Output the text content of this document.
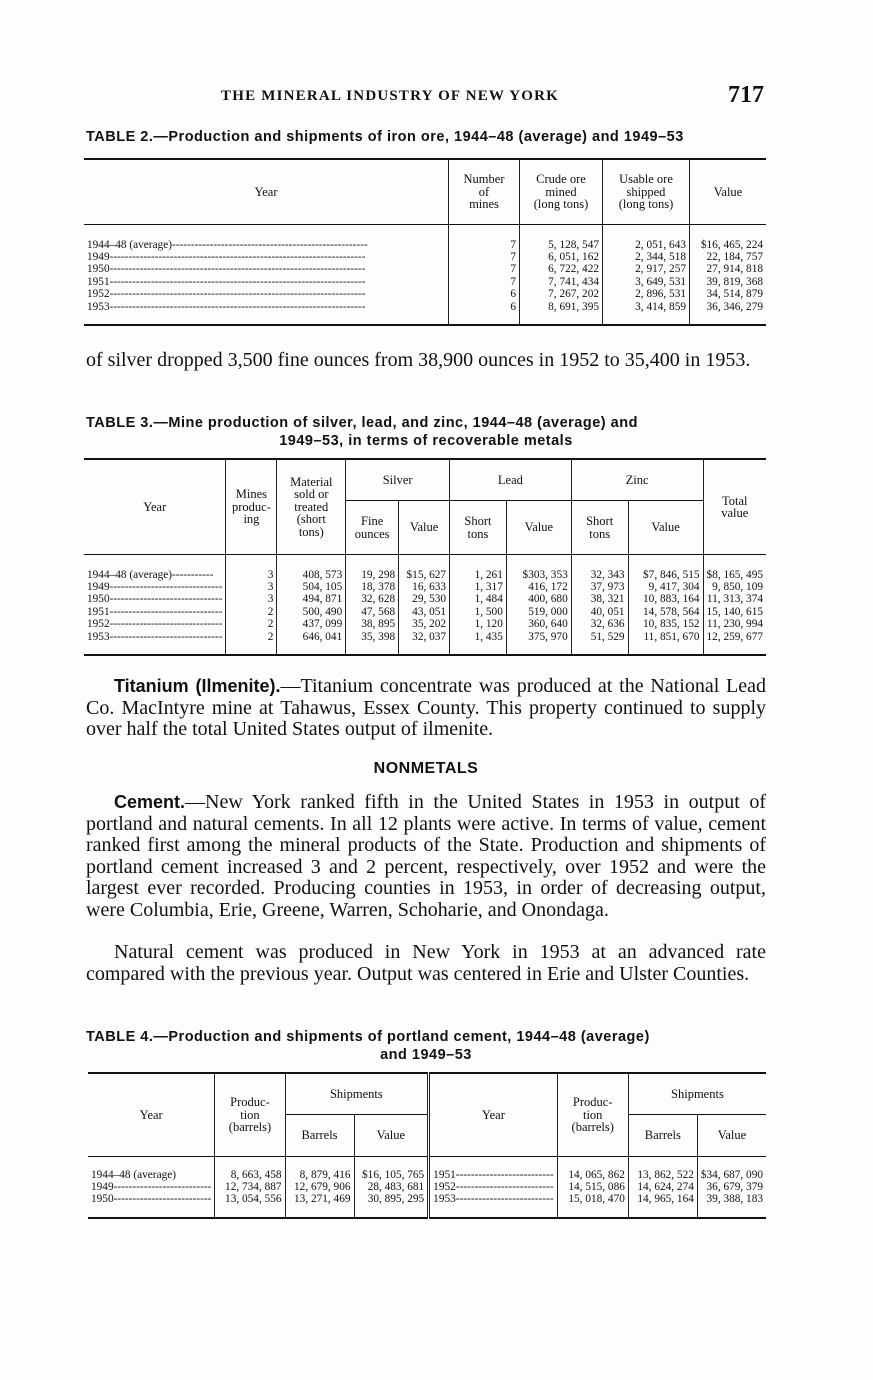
THE MINERAL INDUSTRY OF NEW YORK	717
TABLE 2.—Production and shipments of iron ore, 1944–48 (average) and 1949–53
Year	Number
of
mines	Crude ore
mined
(long tons)	Usable ore
shipped
(long tons)	Value

1944–48 (average)----------------------------------------------------	7	5, 128, 547	2, 051, 643	$16, 465, 224

1949--------------------------------------------------------------------	7	6, 051, 162	2, 344, 518	22, 184, 757

1950--------------------------------------------------------------------	7	6, 722, 422	2, 917, 257	27, 914, 818

1951--------------------------------------------------------------------	7	7, 741, 434	3, 649, 531	39, 819, 368

1952--------------------------------------------------------------------	6	7, 267, 202	2, 896, 531	34, 514, 879

1953--------------------------------------------------------------------	6	8, 691, 395	3, 414, 859	36, 346, 279

of silver dropped 3,500 fine ounces from 38,900 ounces in 1952 to 35,400 in 1953.
TABLE 3.—Mine production of silver, lead, and zinc, 1944–48 (average) and
1949–53, in terms of recoverable metals
Year	Mines
produc-
ing	Material
sold or
treated
(short
tons)	Silver		Lead		Zinc		Total
value
			Fine
ounces	Value	Short
tons	Value	Short
tons	Value	

1944–48 (average)-----------	3	408, 573	19, 298	$15, 627	1, 261	$303, 353	32, 343	$7, 846, 515	$8, 165, 495

1949------------------------------	3	504, 105	18, 378	16, 633	1, 317	416, 172	37, 973	9, 417, 304	9, 850, 109

1950------------------------------	3	494, 871	32, 628	29, 530	1, 484	400, 680	38, 321	10, 883, 164	11, 313, 374

1951------------------------------	2	500, 490	47, 568	43, 051	1, 500	519, 000	40, 051	14, 578, 564	15, 140, 615

1952------------------------------	2	437, 099	38, 895	35, 202	1, 120	360, 640	32, 636	10, 835, 152	11, 230, 994

1953------------------------------	2	646, 041	35, 398	32, 037	1, 435	375, 970	51, 529	11, 851, 670	12, 259, 677

Titanium (Ilmenite).—Titanium concentrate was produced at the National Lead Co. MacIntyre mine at Tahawus, Essex County. This property continued to supply over half the total United States output of ilmenite.
NONMETALS
Cement.—New York ranked fifth in the United States in 1953 in output of portland and natural cements. In all 12 plants were active. In terms of value, cement ranked first among the mineral products of the State. Production and shipments of portland cement increased 3 and 2 percent, respectively, over 1952 and were the largest ever recorded. Producing counties in 1953, in order of decreasing output, were Columbia, Erie, Greene, Warren, Schoharie, and Onondaga.
Natural cement was produced in New York in 1953 at an advanced rate compared with the previous year. Output was centered in Erie and Ulster Counties.
TABLE 4.—Production and shipments of portland cement, 1944–48 (average)
and 1949–53
Year	Produc-
tion
(barrels)	Shipments		Year	Produc-
tion
(barrels)	Shipments	
		Barrels	Value			Barrels	Value

1944–48 (average)	8, 663, 458	8, 879, 416	$16, 105, 765	1951--------------------------	14, 065, 862	13, 862, 522	$34, 687, 090

1949--------------------------	12, 734, 887	12, 679, 906	28, 483, 681	1952--------------------------	14, 515, 086	14, 624, 274	36, 679, 379

1950--------------------------	13, 054, 556	13, 271, 469	30, 895, 295	1953--------------------------	15, 018, 470	14, 965, 164	39, 388, 183
